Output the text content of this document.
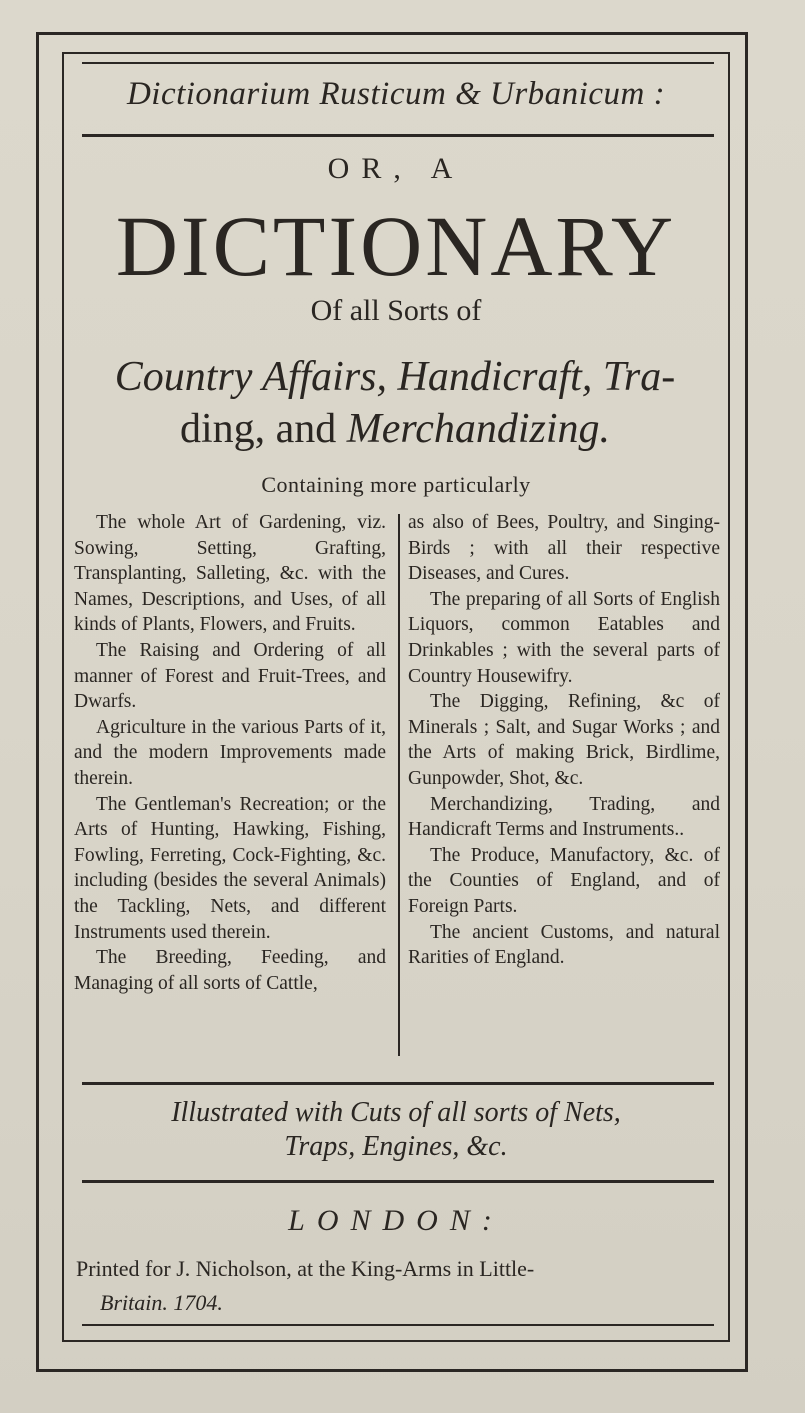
Dictionarium Rusticum & Urbanicum :
OR, A
DICTIONARY
Of all Sorts of
Country Affairs, Handicraft, Tra-
ding, and Merchandizing.
Containing more particularly

The whole Art of Gardening, viz. Sowing, Setting, Grafting, Transplanting, Salleting, &c. with the Names, Descriptions, and Uses, of all kinds of Plants, Flowers, and Fruits.

The Raising and Ordering of all manner of Forest and Fruit-Trees, and Dwarfs.

Agriculture in the various Parts of it, and the modern Improvements made therein.

The Gentleman's Recreation; or the Arts of Hunting, Hawking, Fishing, Fowling, Ferreting, Cock-Fighting, &c. including (besides the several Animals) the Tackling, Nets, and different Instruments used therein.

The Breeding, Feeding, and Managing of all sorts of Cattle,

as also of Bees, Poultry, and Singing-Birds ; with all their respective Diseases, and Cures.

The preparing of all Sorts of English Liquors, common Eatables and Drinkables ; with the several parts of Country Housewifry.

The Digging, Refining, &c of Minerals ; Salt, and Sugar Works ; and the Arts of making Brick, Birdlime, Gunpowder, Shot, &c.

Merchandizing, Trading, and Handicraft Terms and Instruments..

The Produce, Manufactory, &c. of the Counties of England, and of Foreign Parts.

The ancient Customs, and natural Rarities of England.

Illustrated with Cuts of all sorts of Nets,
Traps, Engines, &c.
LONDON:
Printed for J. Nicholson, at the King-Arms in Little-
Britain. 1704.
